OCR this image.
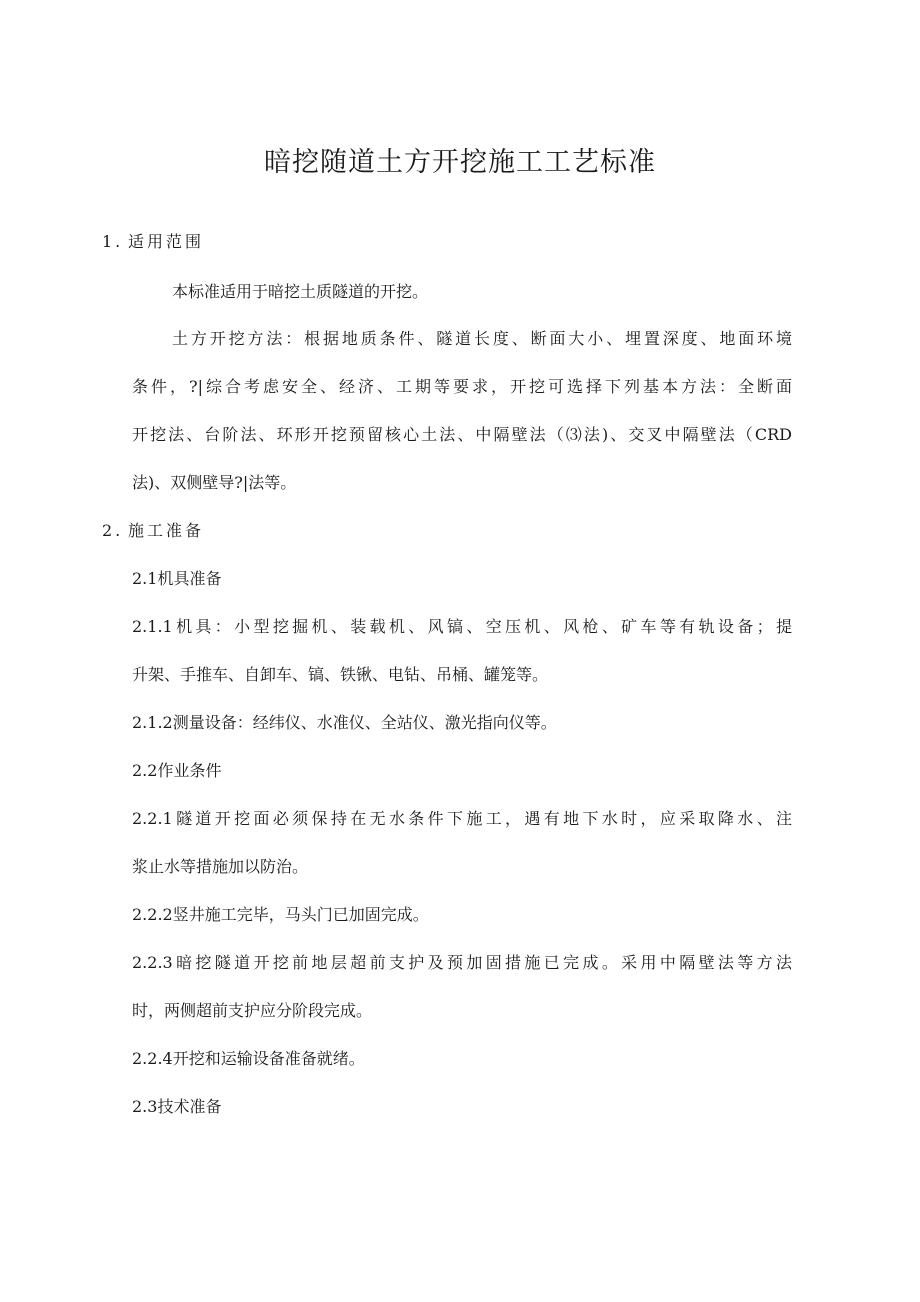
暗挖随道土方开挖施工工艺标准
1. 适用范围

本标准适用于暗挖土质隧道的开挖。

土方开挖方法：根据地质条件、隧道长度、断面大小、埋置深度、地面环境

条件，?|综合考虑安全、经济、工期等要求，开挖可选择下列基本方法：全断面

开挖法、台阶法、环形开挖预留核心土法、中隔壁法（⑶法)、交叉中隔壁法（CRD

法)、双侧壁导?|法等。

2. 施工准备

2.1机具准备

2.1.1机具：小型挖掘机、装载机、风镐、空压机、风枪、矿车等有轨设备；提

升架、手推车、自卸车、镐、铁锹、电钻、吊桶、罐笼等。

2.1.2测量设备：经纬仪、水准仪、全站仪、激光指向仪等。

2.2作业条件

2.2.1隧道开挖面必须保持在无水条件下施工，遇有地下水时，应采取降水、注

浆止水等措施加以防治。

2.2.2竖井施工完毕，马头门已加固完成。

2.2.3暗挖隧道开挖前地层超前支护及预加固措施已完成。采用中隔壁法等方法

时，两侧超前支护应分阶段完成。

2.2.4开挖和运输设备准备就绪。

2.3技术准备
